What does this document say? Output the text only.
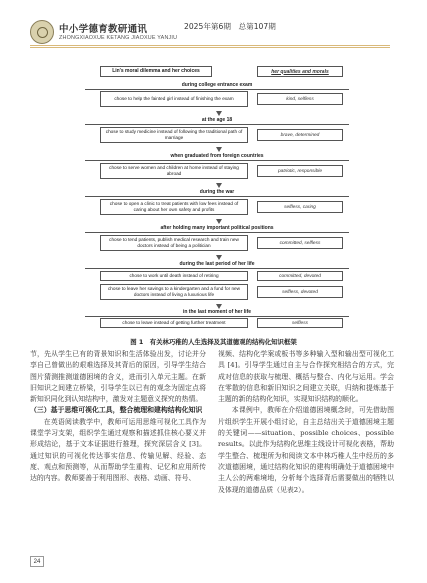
中小学德育教研通讯	2025年第6期　总第107期
ZHONGXIAOXUE KETANG JIAOXUE YANJIU
Lin's moral dilemma and her choices	her qualities and morals
during college entrance exam
chose to help the fainted girl instead of finishing the exam	kind, selfless
at the age 18
chose to study medicine instead of following the traditional path of marriage	brave, determined
when graduated from foreign countries
chose to serve women and children at home instead of staying abroad	patriotic, responsible
during the war
chose to open a clinic to treat patients with low fees instead of caring about her own safety and profits	selfless, caring
after holding many important political positions
chose to tend patients, publish medical research and train new doctors instead of being a politician	committed, selfless
during the last period of her life
chose to work until death instead of retiring	committed, devoted
chose to leave her savings to a kindergarten and a fund for new doctors instead of living a luxurious life	selfless, devoted
in the last moment of her life
chose to leave instead of getting further treatment	selfless
图 1　有关林巧稚的人生选择及其道德观的结构化知识框架

节，先从学生已有的背景知识和生活体验出发，讨论并分享自己曾做出的艰难选择及其背后的原因，引导学生结合图片猜测推测道德困境的含义，进而引入单元主题。在新旧知识之间建立桥梁，引导学生以已有的观念为固定点将新知识同化到认知结构中，激发对主题意义探究的热情。

（三）基于思维可视化工具，整合梳理和建构结构化知识

在英语阅读教学中，教师可运用思维可视化工具作为课堂学习支架，组织学生通过观察和描述抓住核心要义并形成结论，基于文本证据进行推理，探究深层含义 [3]。通过知识的可视化传达事实信息、传输见解、经验、态度、观点和预测等，从而帮助学生重构、记忆和应用所传达的内容。教师要善于利用图形、表格、动画、符号、

视频、结构化学案或板书等多种输入型和输出型可视化工具 [4]。引导学生通过自主与合作探究相结合的方式，完成对信息的获取与梳理、概括与整合、内化与运用。学会在零散的信息和新旧知识之间建立关联，归纳和提炼基于主题的新的结构化知识，实现知识结构的顺化。

本课例中，教师在介绍道德困境概念时，可先借助图片组织学生开展小组讨论，自主总结出关于道德困境主题的关键词——situation、possible choices、possible results。以此作为结构化思维主线设计可视化表格，帮助学生整合、梳理所为和阅读文本中林巧稚人生中经历的多次道德困境，通过结构化知识的建构明确处于道德困境中主人公的两难境地，分析每个选择背后需要做出的牺牲以及体现的道德品质（见表2）。

24
